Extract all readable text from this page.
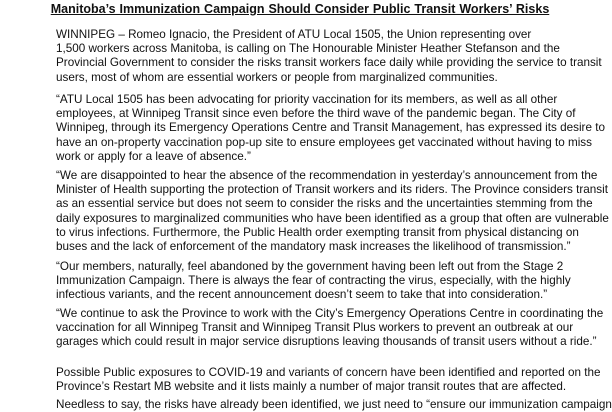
Manitoba’s Immunization Campaign Should Consider Public Transit Workers’ Risks
WINNIPEG – Romeo Ignacio, the President of ATU Local 1505, the Union representing over
1,500 workers across Manitoba, is calling on The Honourable Minister Heather Stefanson and the
Provincial Government to consider the risks transit workers face daily while providing the service to transit
users, most of whom are essential workers or people from marginalized communities.
“ATU Local 1505 has been advocating for priority vaccination for its members, as well as all other
employees, at Winnipeg Transit since even before the third wave of the pandemic began. The City of
Winnipeg, through its Emergency Operations Centre and Transit Management, has expressed its desire to
have an on-property vaccination pop-up site to ensure employees get vaccinated without having to miss
work or apply for a leave of absence.”
“We are disappointed to hear the absence of the recommendation in yesterday’s announcement from the
Minister of Health supporting the protection of Transit workers and its riders. The Province considers transit
as an essential service but does not seem to consider the risks and the uncertainties stemming from the
daily exposures to marginalized communities who have been identified as a group that often are vulnerable
to virus infections. Furthermore, the Public Health order exempting transit from physical distancing on
buses and the lack of enforcement of the mandatory mask increases the likelihood of transmission.”
“Our members, naturally, feel abandoned by the government having been left out from the Stage 2
Immunization Campaign. There is always the fear of contracting the virus, especially, with the highly
infectious variants, and the recent announcement doesn’t seem to take that into consideration.”
“We continue to ask the Province to work with the City’s Emergency Operations Centre in coordinating the
vaccination for all Winnipeg Transit and Winnipeg Transit Plus workers to prevent an outbreak at our
garages which could result in major service disruptions leaving thousands of transit users without a ride.”
Possible Public exposures to COVID-19 and variants of concern have been identified and reported on the
Province’s Restart MB website and it lists mainly a number of major transit routes that are affected.
Needless to say, the risks have already been identified, we just need to “ensure our immunization campaign
